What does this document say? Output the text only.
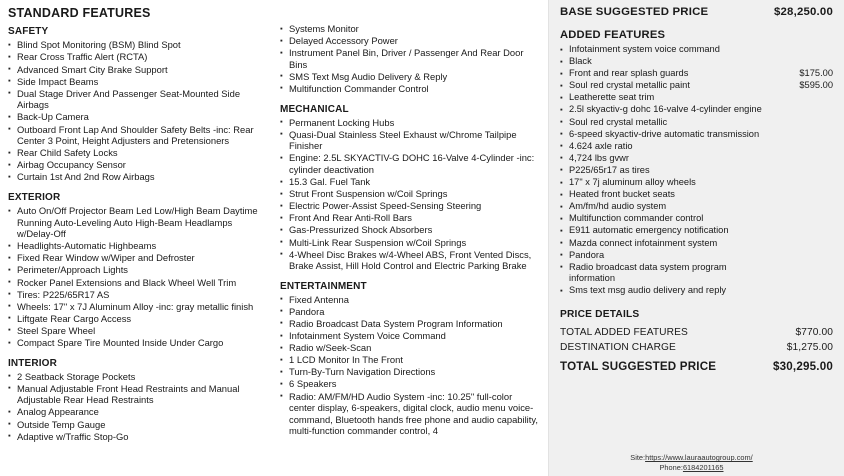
STANDARD FEATURES
SAFETY
▪ Blind Spot Monitoring (BSM) Blind Spot
▪ Rear Cross Traffic Alert (RCTA)
▪ Advanced Smart City Brake Support
▪ Side Impact Beams
▪ Dual Stage Driver And Passenger Seat-Mounted Side Airbags
▪ Back-Up Camera
▪ Outboard Front Lap And Shoulder Safety Belts -inc: Rear Center 3 Point, Height Adjusters and Pretensioners
▪ Rear Child Safety Locks
▪ Airbag Occupancy Sensor
▪ Curtain 1st And 2nd Row Airbags
EXTERIOR
▪ Auto On/Off Projector Beam Led Low/High Beam Daytime Running Auto-Leveling Auto High-Beam Headlamps w/Delay-Off
▪ Headlights-Automatic Highbeams
▪ Fixed Rear Window w/Wiper and Defroster
▪ Perimeter/Approach Lights
▪ Rocker Panel Extensions and Black Wheel Well Trim
▪ Tires: P225/65R17 AS
▪ Wheels: 17" x 7J Aluminum Alloy -inc: gray metallic finish
▪ Liftgate Rear Cargo Access
▪ Steel Spare Wheel
▪ Compact Spare Tire Mounted Inside Under Cargo
INTERIOR
▪ 2 Seatback Storage Pockets
▪ Manual Adjustable Front Head Restraints and Manual Adjustable Rear Head Restraints
▪ Analog Appearance
▪ Outside Temp Gauge
▪ Adaptive w/Traffic Stop-Go
▪ Systems Monitor
▪ Delayed Accessory Power
▪ Instrument Panel Bin, Driver / Passenger And Rear Door Bins
▪ SMS Text Msg Audio Delivery & Reply
▪ Multifunction Commander Control
MECHANICAL
▪ Permanent Locking Hubs
▪ Quasi-Dual Stainless Steel Exhaust w/Chrome Tailpipe Finisher
▪ Engine: 2.5L SKYACTIV-G DOHC 16-Valve 4-Cylinder -inc: cylinder deactivation
▪ 15.3 Gal. Fuel Tank
▪ Strut Front Suspension w/Coil Springs
▪ Electric Power-Assist Speed-Sensing Steering
▪ Front And Rear Anti-Roll Bars
▪ Gas-Pressurized Shock Absorbers
▪ Multi-Link Rear Suspension w/Coil Springs
▪ 4-Wheel Disc Brakes w/4-Wheel ABS, Front Vented Discs, Brake Assist, Hill Hold Control and Electric Parking Brake
ENTERTAINMENT
▪ Fixed Antenna
▪ Pandora
▪ Radio Broadcast Data System Program Information
▪ Infotainment System Voice Command
▪ Radio w/Seek-Scan
▪ 1 LCD Monitor In The Front
▪ Turn-By-Turn Navigation Directions
▪ 6 Speakers
▪ Radio: AM/FM/HD Audio System -inc: 10.25" full-color center display, 6-speakers, digital clock, audio menu voice-command, Bluetooth hands free phone and audio capability, multi-function commander control, 4
BASE SUGGESTED PRICE	$28,250.00
ADDED FEATURES
▪ Infotainment system voice command
▪ Black
▪ Front and rear splash guards	$175.00
▪ Soul red crystal metallic paint	$595.00
▪ Leatherette seat trim
▪ 2.5l skyactiv-g dohc 16-valve 4-cylinder engine
▪ Soul red crystal metallic
▪ 6-speed skyactiv-drive automatic transmission
▪ 4.624 axle ratio
▪ 4,724 lbs gvwr
▪ P225/65r17 as tires
▪ 17" x 7j aluminum alloy wheels
▪ Heated front bucket seats
▪ Am/fm/hd audio system
▪ Multifunction commander control
▪ E911 automatic emergency notification
▪ Mazda connect infotainment system
▪ Pandora
▪ Radio broadcast data system program information
▪ Sms text msg audio delivery and reply
PRICE DETAILS
TOTAL ADDED FEATURES	$770.00
DESTINATION CHARGE	$1,275.00
TOTAL SUGGESTED PRICE	$30,295.00
Site:https://www.lauraautogroup.com/
Phone:6184201165
